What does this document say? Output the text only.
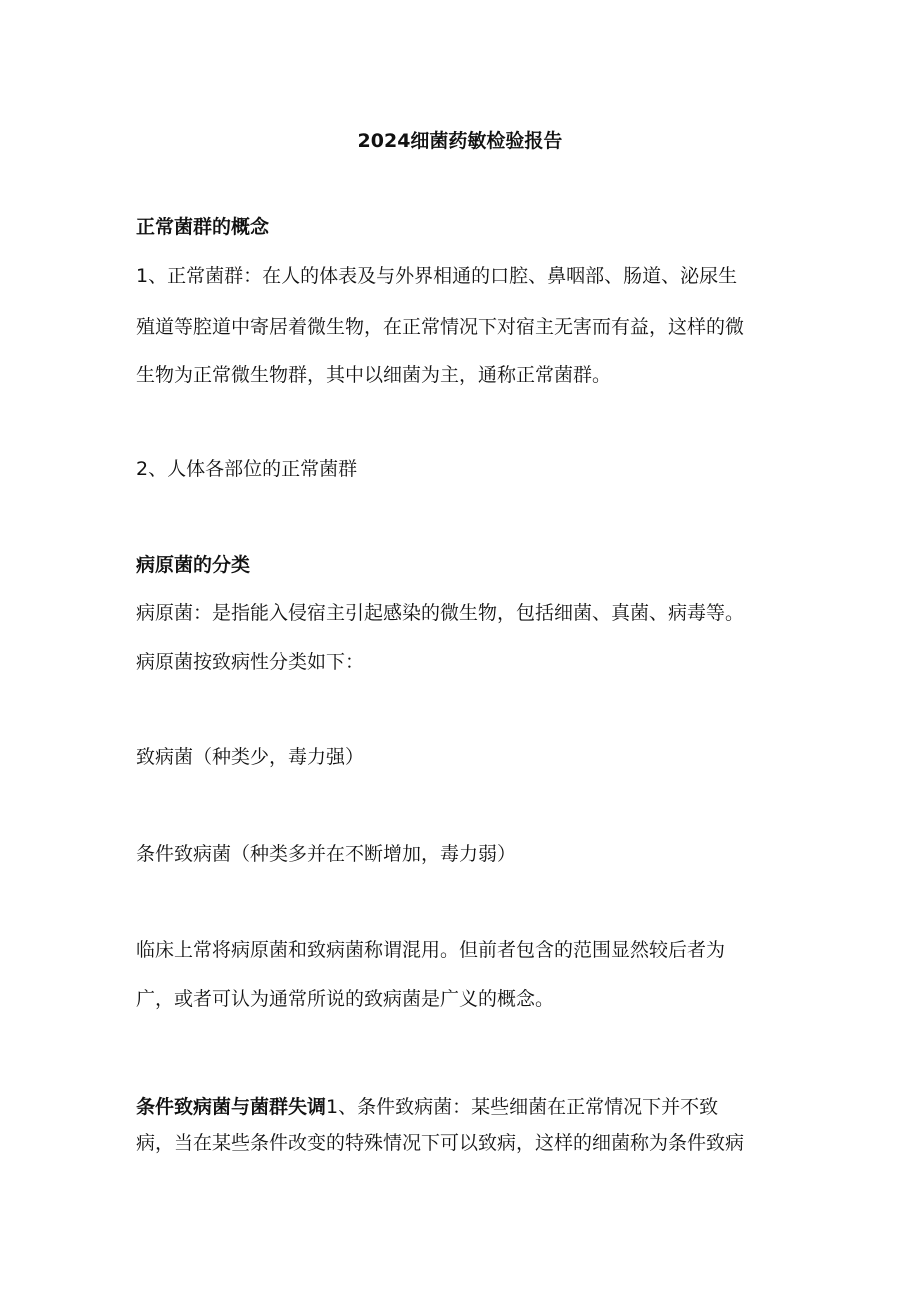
2024细菌药敏检验报告
正常菌群的概念
1、正常菌群：在人的体表及与外界相通的口腔、鼻咽部、肠道、泌尿生
殖道等腔道中寄居着微生物，在正常情况下对宿主无害而有益，这样的微
生物为正常微生物群，其中以细菌为主，通称正常菌群。
2、人体各部位的正常菌群
病原菌的分类
病原菌：是指能入侵宿主引起感染的微生物，包括细菌、真菌、病毒等。
病原菌按致病性分类如下：
致病菌（种类少，毒力强）
条件致病菌（种类多并在不断增加，毒力弱）
临床上常将病原菌和致病菌称谓混用。但前者包含的范围显然较后者为
广，或者可认为通常所说的致病菌是广义的概念。
条件致病菌与菌群失调1、条件致病菌：某些细菌在正常情况下并不致
病，当在某些条件改变的特殊情况下可以致病，这样的细菌称为条件致病
